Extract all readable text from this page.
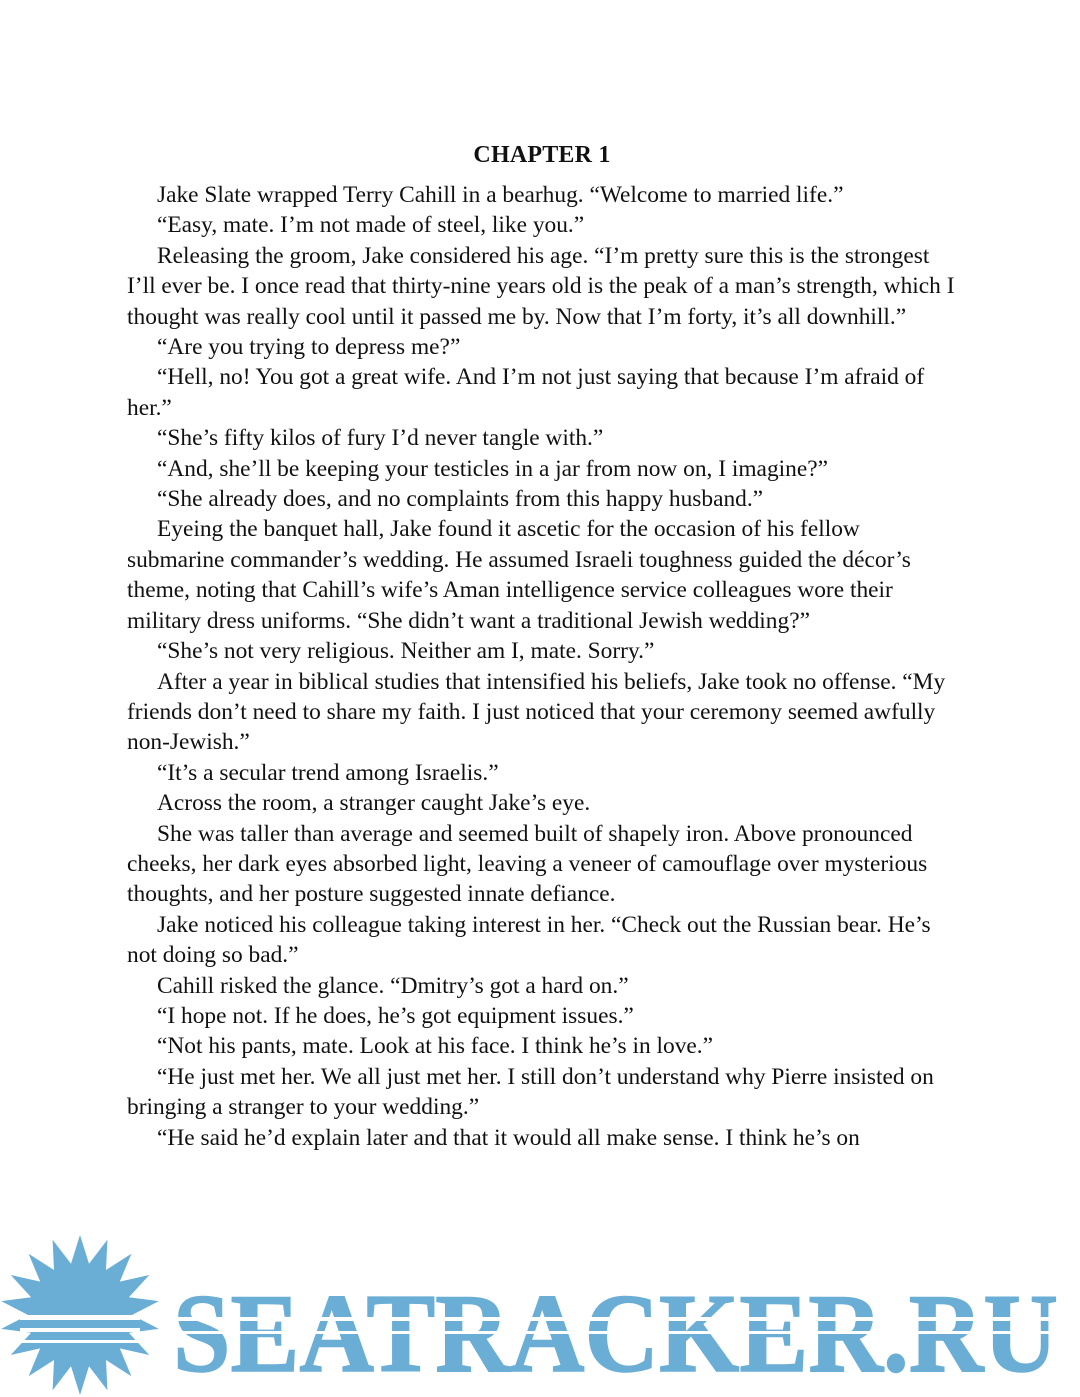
CHAPTER 1

Jake Slate wrapped Terry Cahill in a bearhug. “Welcome to married life.”

“Easy, mate. I’m not made of steel, like you.”

Releasing the groom, Jake considered his age. “I’m pretty sure this is the strongest I’ll ever be. I once read that thirty-nine years old is the peak of a man’s strength, which I thought was really cool until it passed me by. Now that I’m forty, it’s all downhill.”

“Are you trying to depress me?”

“Hell, no! You got a great wife. And I’m not just saying that because I’m afraid of her.”

“She’s fifty kilos of fury I’d never tangle with.”

“And, she’ll be keeping your testicles in a jar from now on, I imagine?”

“She already does, and no complaints from this happy husband.”

Eyeing the banquet hall, Jake found it ascetic for the occasion of his fellow submarine commander’s wedding. He assumed Israeli toughness guided the décor’s theme, noting that Cahill’s wife’s Aman intelligence service colleagues wore their military dress uniforms. “She didn’t want a traditional Jewish wedding?”

“She’s not very religious. Neither am I, mate. Sorry.”

After a year in biblical studies that intensified his beliefs, Jake took no offense. “My friends don’t need to share my faith. I just noticed that your ceremony seemed awfully non-Jewish.”

“It’s a secular trend among Israelis.”

Across the room, a stranger caught Jake’s eye.

She was taller than average and seemed built of shapely iron. Above pronounced cheeks, her dark eyes absorbed light, leaving a veneer of camouflage over mysterious thoughts, and her posture suggested innate defiance.

Jake noticed his colleague taking interest in her. “Check out the Russian bear. He’s not doing so bad.”

Cahill risked the glance. “Dmitry’s got a hard on.”

“I hope not. If he does, he’s got equipment issues.”

“Not his pants, mate. Look at his face. I think he’s in love.”

“He just met her. We all just met her. I still don’t understand why Pierre insisted on bringing a stranger to your wedding.”

“He said he’d explain later and that it would all make sense. I think he’s on
